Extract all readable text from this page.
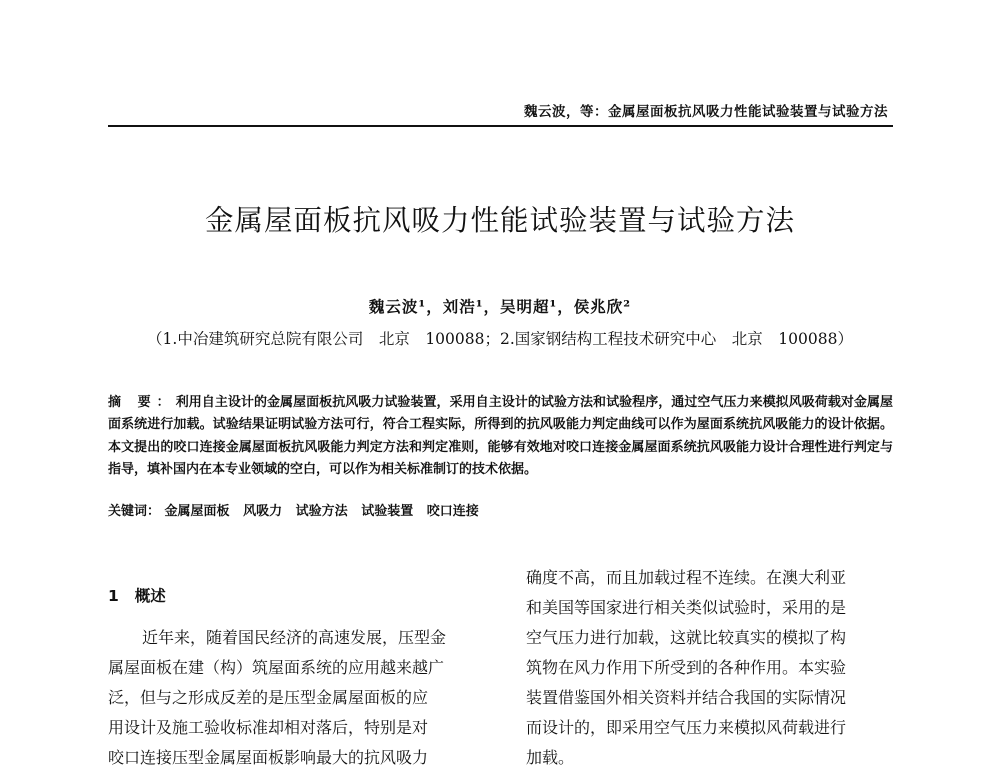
魏云波，等：金属屋面板抗风吸力性能试验装置与试验方法
金属屋面板抗风吸力性能试验装置与试验方法
魏云波¹，刘浩¹，吴明超¹，侯兆欣²
（1.中冶建筑研究总院有限公司　北京　100088；2.国家钢结构工程技术研究中心　北京　100088）
摘 要：利用自主设计的金属屋面板抗风吸力试验装置，采用自主设计的试验方法和试验程序，通过空气压力来模拟风吸荷载对金属屋面系统进行加载。试验结果证明试验方法可行，符合工程实际，所得到的抗风吸能力判定曲线可以作为屋面系统抗风吸能力的设计依据。本文提出的咬口连接金属屋面板抗风吸能力判定方法和判定准则，能够有效地对咬口连接金属屋面系统抗风吸能力设计合理性进行判定与指导，填补国内在本专业领域的空白，可以作为相关标准制订的技术依据。
关键词： 金属屋面板 风吸力 试验方法 试验装置 咬口连接
1 概述
近年来，随着国民经济的高速发展，压型金
属屋面板在建（构）筑屋面系统的应用越来越广
泛，但与之形成反差的是压型金属屋面板的应
用设计及施工验收标准却相对落后，特别是对
咬口连接压型金属屋面板影响最大的抗风吸力
确度不高，而且加载过程不连续。在澳大利亚
和美国等国家进行相关类似试验时，采用的是
空气压力进行加载，这就比较真实的模拟了构
筑物在风力作用下所受到的各种作用。本实验
装置借鉴国外相关资料并结合我国的实际情况
而设计的，即采用空气压力来模拟风荷载进行
加载。
